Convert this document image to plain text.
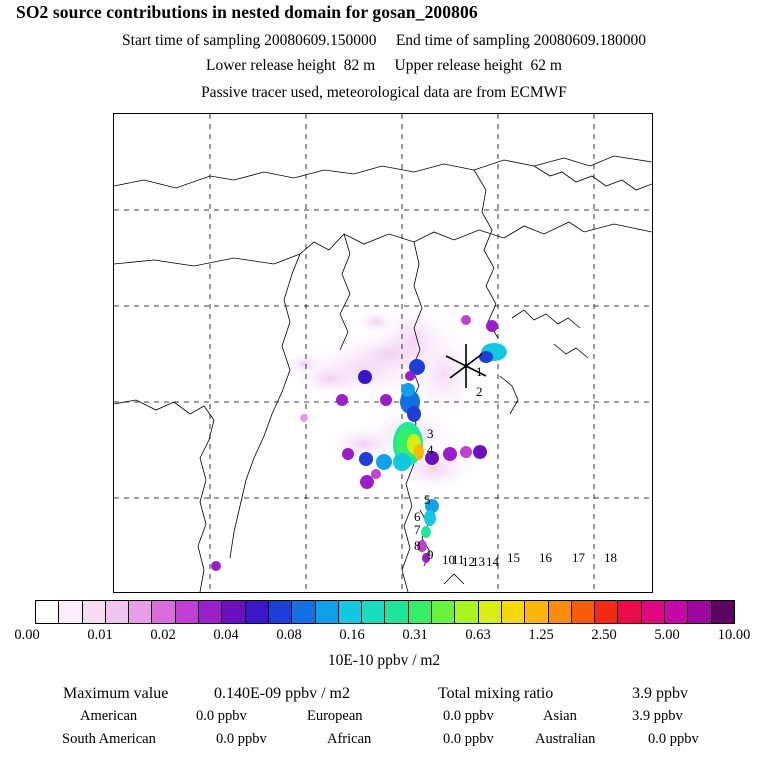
SO2 source contributions in nested domain for gosan_200806
Start time of sampling 20080609.150000 End time of sampling 20080609.180000
Lower release height 82 m Upper release height 62 m
Passive tracer used, meteorological data are from ECMWF
1
2
3
4
5
6
7
8
9 10
11
12
13 14 15 16 17 18
0.00	0.01	0.02	0.04	0.08	0.16	0.31	0.63	1.25	2.50	5.00	10.00
10E-10 ppbv / m2
Maximum value	0.140E-09 ppbv / m2	Total mixing ratio	3.9 ppbv
American	0.0 ppbv	European	0.0 ppbv	Asian	3.9 ppbv
South American	0.0 ppbv	African	0.0 ppbv	Australian	0.0 ppbv
